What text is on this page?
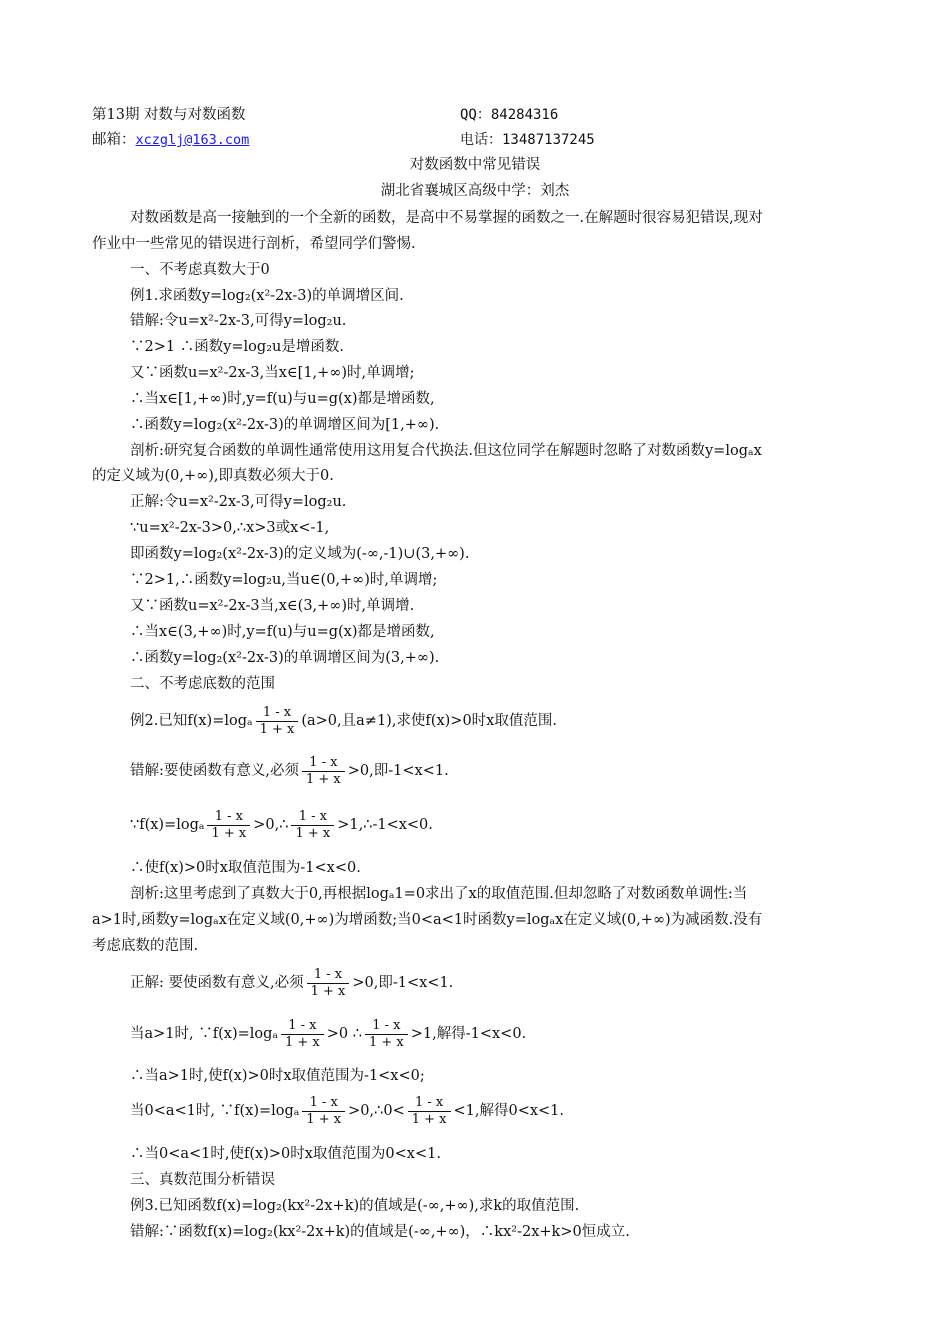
第13期 对数与对数函数	QQ：84284316
邮箱：xczglj@163.com	电话：13487137245
对数函数中常见错误
湖北省襄城区高级中学：刘杰
对数函数是高一接触到的一个全新的函数，是高中不易掌握的函数之一.在解题时很容易犯错误,现对
作业中一些常见的错误进行剖析，希望同学们警惕.
一、不考虑真数大于0
例1.求函数y=log₂(x²-2x-3)的单调增区间.
错解:令u=x²-2x-3,可得y=log₂u.
∵2>1 ∴函数y=log₂u是增函数.
又∵函数u=x²-2x-3,当x∈[1,+∞)时,单调增;
∴当x∈[1,+∞)时,y=f(u)与u=g(x)都是增函数,
∴函数y=log₂(x²-2x-3)的单调增区间为[1,+∞).
剖析:研究复合函数的单调性通常使用这用复合代换法.但这位同学在解题时忽略了对数函数y=logₐx
的定义域为(0,+∞),即真数必须大于0.
正解:令u=x²-2x-3,可得y=log₂u.
∵u=x²-2x-3>0,∴x>3或x<-1,
即函数y=log₂(x²-2x-3)的定义域为(-∞,-1)∪(3,+∞).
∵2>1,∴函数y=log₂u,当u∈(0,+∞)时,单调增;
又∵函数u=x²-2x-3当,x∈(3,+∞)时,单调增.
∴当x∈(3,+∞)时,y=f(u)与u=g(x)都是增函数,
∴函数y=log₂(x²-2x-3)的单调增区间为(3,+∞).
二、不考虑底数的范围
例2.已知$f(x)=\log_a \frac{1 - x}{1 + x} (a>0$,且a≠1),求使f(x)>0时x取值范围.
错解:要使函数有意义,必须 $\frac{1 - x}{1 + x} >0$,即-1<x<1.
∵f(x)=logₐ $\frac{1 - x}{1 + x}$ >0,∴ $\frac{1 - x}{1 + x}$ >1,∴-1<x<0.
∴使f(x)>0时x取值范围为-1<x<0.
剖析:这里考虑到了真数大于0,再根据logₐ1=0求出了x的取值范围.但却忽略了对数函数单调性:当
a>1时,函数y=logₐx在定义域(0,+∞)为增函数;当0<a<1时函数y=logₐx在定义域(0,+∞)为减函数.没有
考虑底数的范围.
正解: 要使函数有意义,必须 $\frac{1 - x}{1 + x} >0$,即-1<x<1.
当a>1时, ∵f(x)=logₐ $\frac{1 - x}{1 + x} >0$ ∴ $\frac{1 - x}{1 + x} >1$,解得-1<x<0.
∴当a>1时,使f(x)>0时x取值范围为-1<x<0;
当0<a<1时, ∵f(x)=logₐ $\frac{1 - x}{1 + x}$ >0,∴0< $\frac{1 - x}{1 + x} <1$,解得0<x<1.
∴当0<a<1时,使f(x)>0时x取值范围为0<x<1.
三、真数范围分析错误
例3.已知函数f(x)=log₂(kx²-2x+k)的值域是(-∞,+∞),求k的取值范围.
错解:∵函数f(x)=log₂(kx²-2x+k)的值域是(-∞,+∞)，∴kx²-2x+k>0恒成立.
